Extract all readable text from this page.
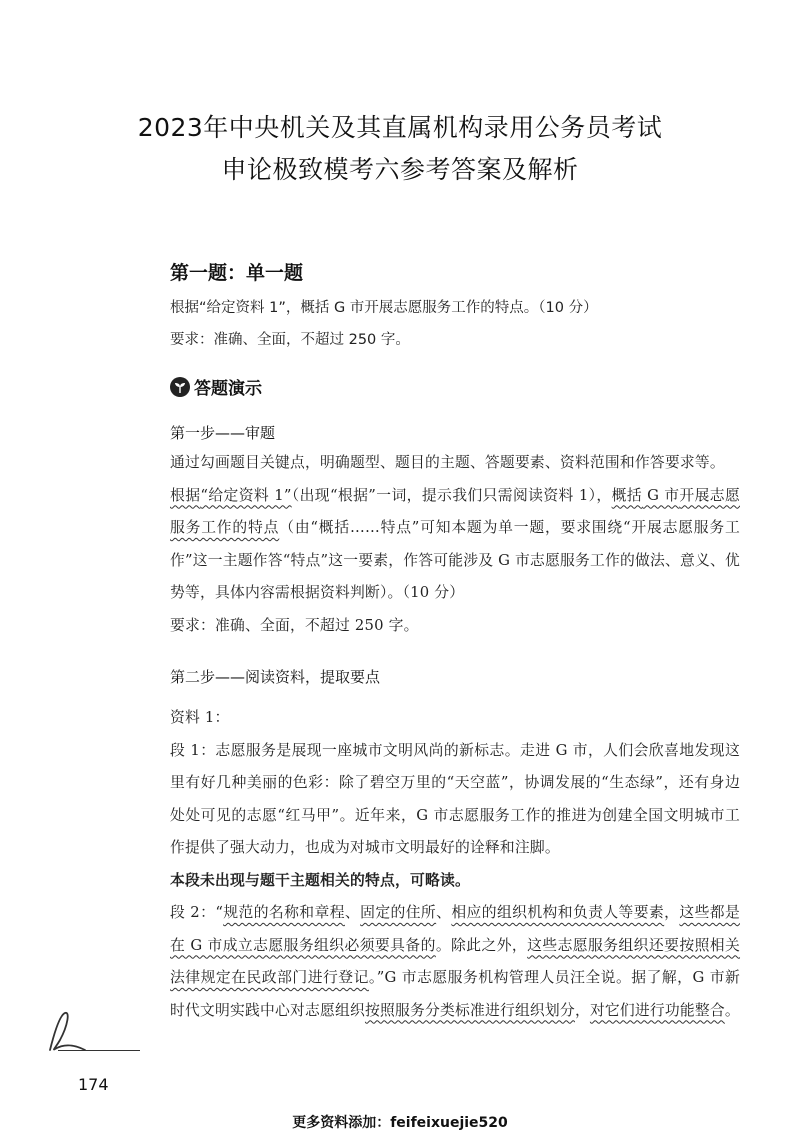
2023年中央机关及其直属机构录用公务员考试
申论极致模考六参考答案及解析
第一题：单一题
根据“给定资料 1”，概括 G 市开展志愿服务工作的特点。（10 分）
要求：准确、全面，不超过 250 字。
答题演示
第一步——审题
通过勾画题目关键点，明确题型、题目的主题、答题要素、资料范围和作答要求等。
根据“给定资料 1”（出现“根据”一词，提示我们只需阅读资料 1），概括 G 市开展志愿服务工作的特点（由“概括……特点”可知本题为单一题，要求围绕“开展志愿服务工作”这一主题作答“特点”这一要素，作答可能涉及 G 市志愿服务工作的做法、意义、优势等，具体内容需根据资料判断）。（10 分）
要求：准确、全面，不超过 250 字。
第二步——阅读资料，提取要点
资料 1：
段 1：志愿服务是展现一座城市文明风尚的新标志。走进 G 市，人们会欣喜地发现这里有好几种美丽的色彩：除了碧空万里的“天空蓝”，协调发展的“生态绿”，还有身边处处可见的志愿“红马甲”。近年来，G 市志愿服务工作的推进为创建全国文明城市工作提供了强大动力，也成为对城市文明最好的诠释和注脚。
本段未出现与题干主题相关的特点，可略读。
段 2：“规范的名称和章程、固定的住所、相应的组织机构和负责人等要素，这些都是在 G 市成立志愿服务组织必须要具备的。除此之外，这些志愿服务组织还要按照相关法律规定在民政部门进行登记。”G 市志愿服务机构管理人员汪全说。据了解，G 市新时代文明实践中心对志愿组织按照服务分类标准进行组织划分，对它们进行功能整合。
174
更多资料添加：feifeixuejie520
